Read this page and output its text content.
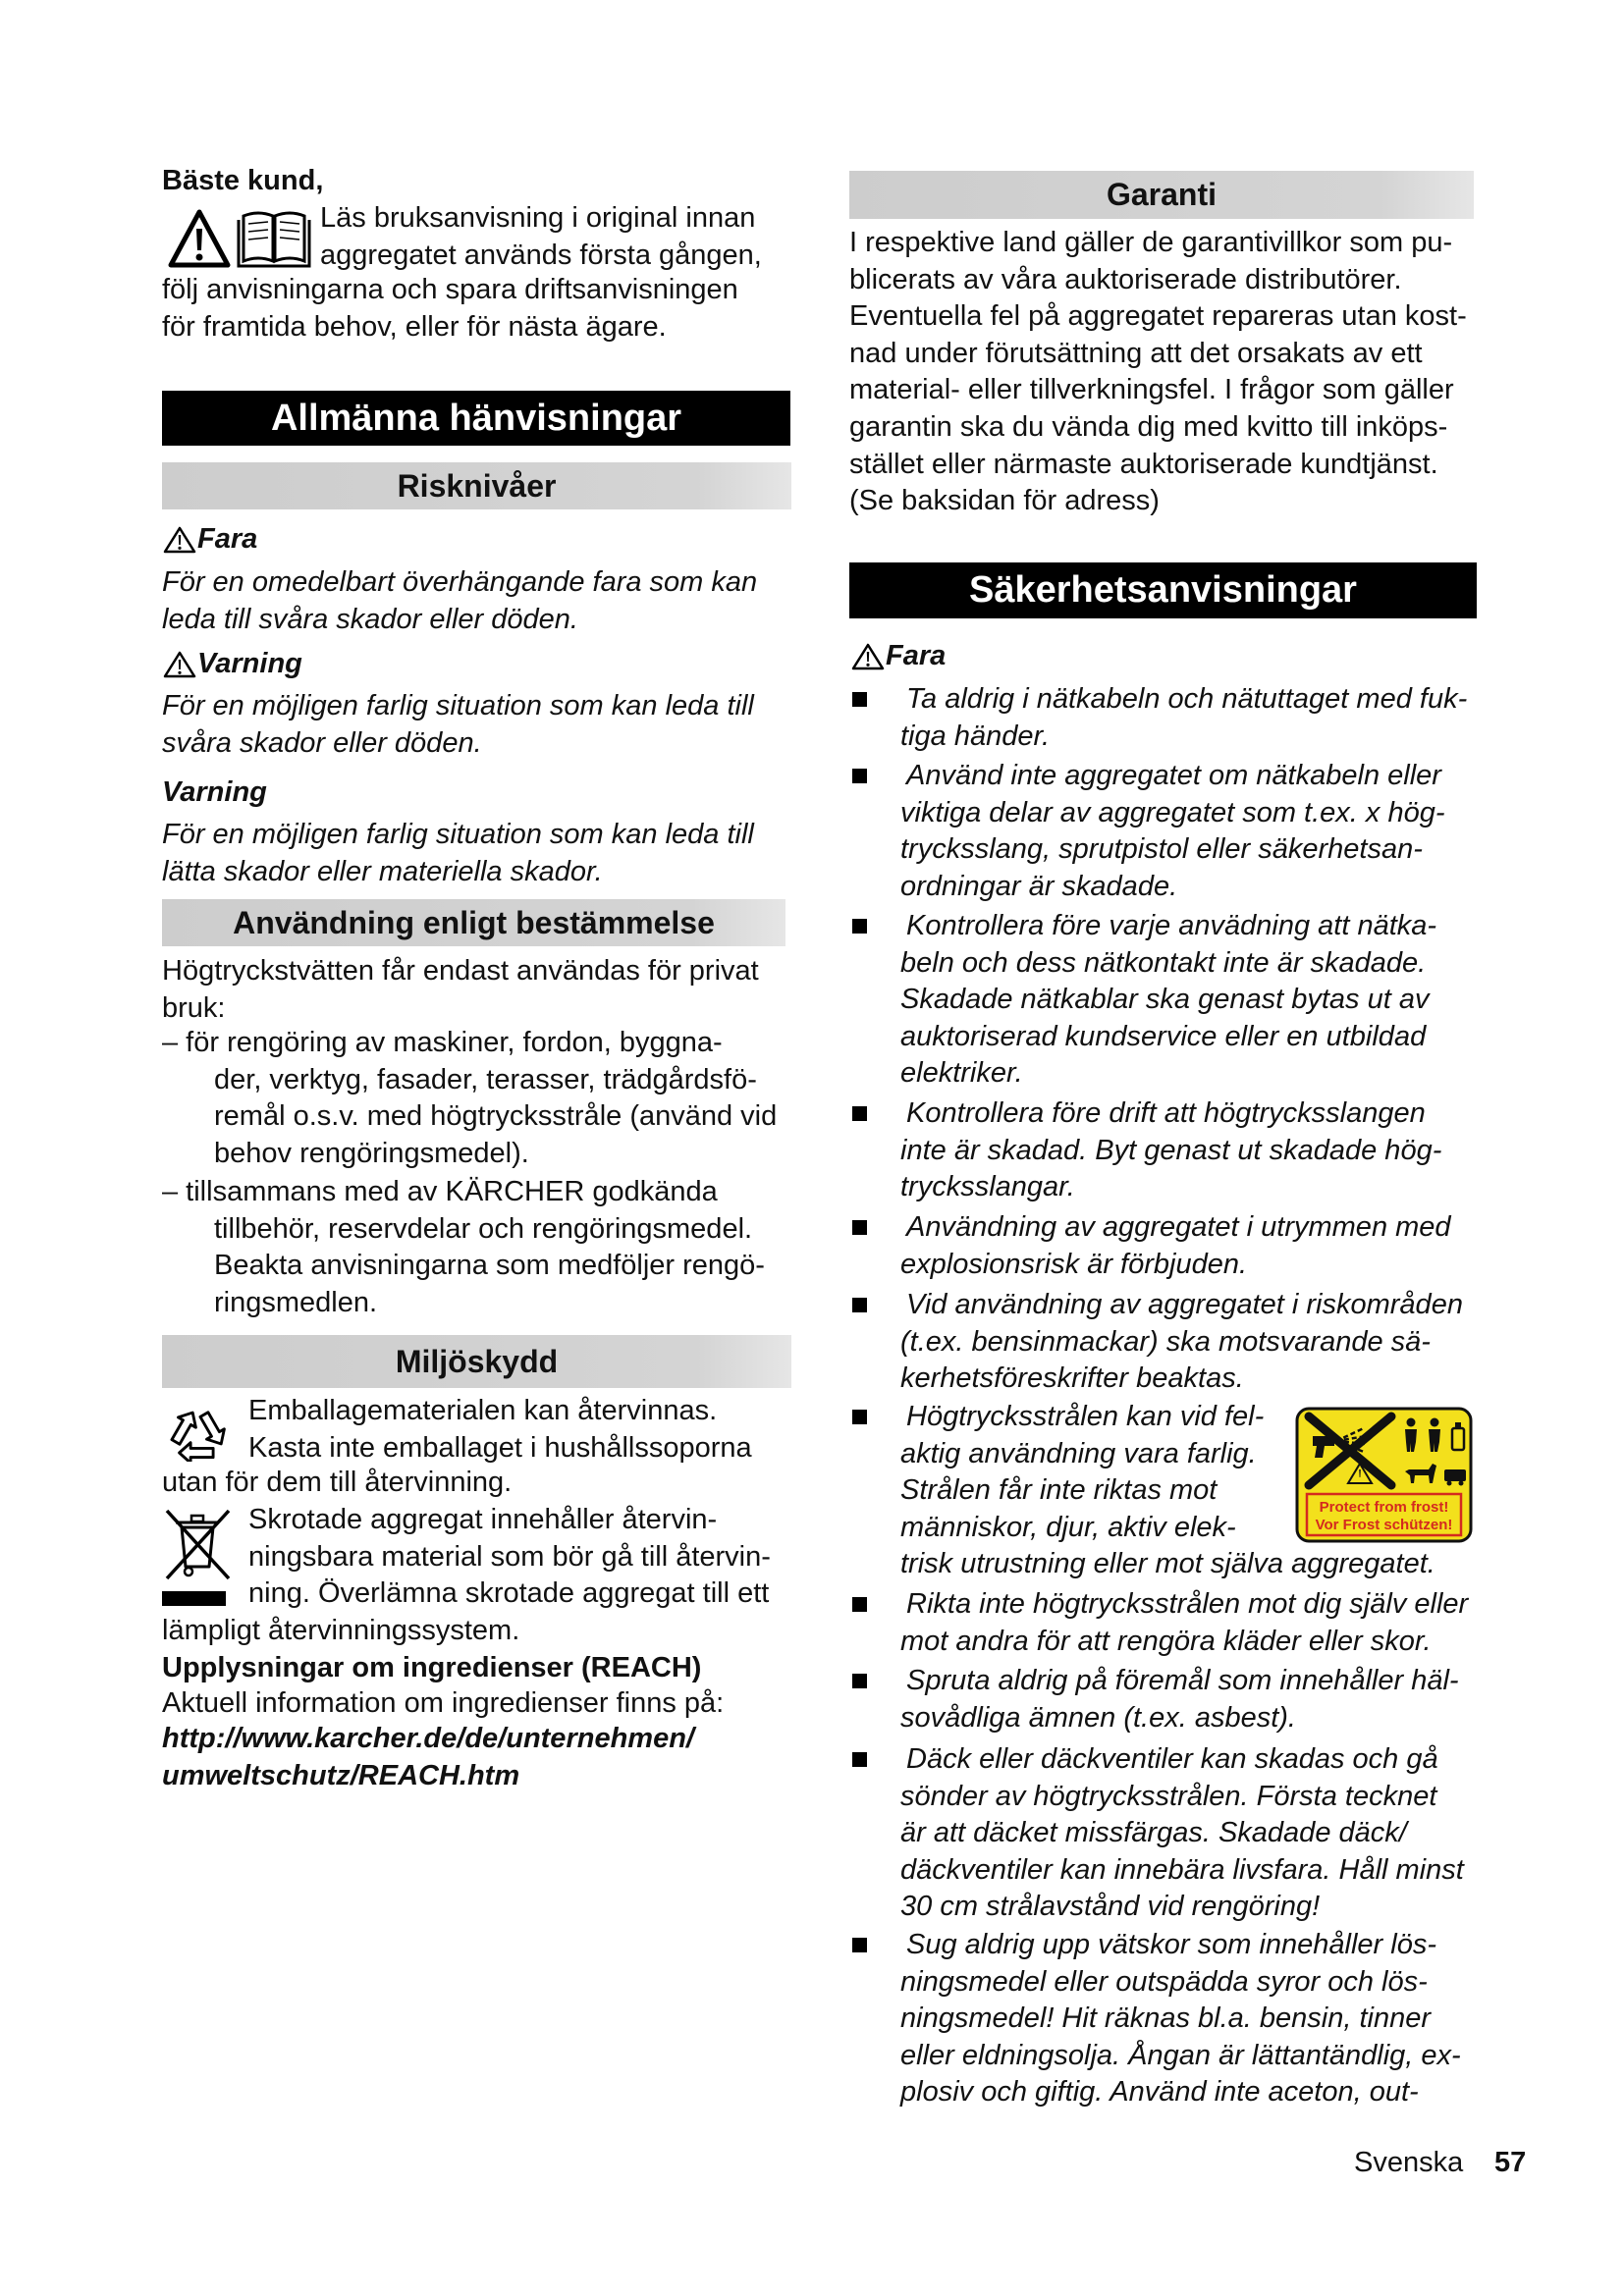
Bäste kund,
Läs bruksanvisning i original innan
aggregatet används första gången,
följ anvisningarna och spara driftsanvisningen
för framtida behov, eller för nästa ägare.
Allmänna hänvisningar
Risknivåer
Fara
För en omedelbart överhängande fara som kan
leda till svåra skador eller döden.
Varning
För en möjligen farlig situation som kan leda till
svåra skador eller döden.
Varning
För en möjligen farlig situation som kan leda till
lätta skador eller materiella skador.
Användning enligt bestämmelse
Högtryckstvätten får endast användas för privat
bruk:
– för rengöring av maskiner, fordon, byggna-
der, verktyg, fasader, terasser, trädgårdsfö-
remål o.s.v. med högtrycksstråle (använd vid
behov rengöringsmedel).
– tillsammans med av KÄRCHER godkända
tillbehör, reservdelar och rengöringsmedel.
Beakta anvisningarna som medföljer rengö-
ringsmedlen.
Miljöskydd
Emballagematerialen kan återvinnas.
Kasta inte emballaget i hushållssoporna
utan för dem till återvinning.
Skrotade aggregat innehåller återvin-
ningsbara material som bör gå till återvin-
ning. Överlämna skrotade aggregat till ett
lämpligt återvinningssystem.
Upplysningar om ingredienser (REACH)
Aktuell information om ingredienser finns på:
http://www.karcher.de/de/unternehmen/
umweltschutz/REACH.htm
Garanti
I respektive land gäller de garantivillkor som pu-
blicerats av våra auktoriserade distributörer.
Eventuella fel på aggregatet repareras utan kost-
nad under förutsättning att det orsakats av ett
material- eller tillverkningsfel. I frågor som gäller
garantin ska du vända dig med kvitto till inköps-
stället eller närmaste auktoriserade kundtjänst.
(Se baksidan för adress)
Säkerhetsanvisningar
Fara
Ta aldrig i nätkabeln och nätuttaget med fuk-
tiga händer.
Använd inte aggregatet om nätkabeln eller
viktiga delar av aggregatet som t.ex. x hög-
trycksslang, sprutpistol eller säkerhetsan-
ordningar är skadade.
Kontrollera före varje anvädning att nätka-
beln och dess nätkontakt inte är skadade.
Skadade nätkablar ska genast bytas ut av
auktoriserad kundservice eller en utbildad
elektriker.
Kontrollera före drift att högtrycksslangen
inte är skadad. Byt genast ut skadade hög-
trycksslangar.
Användning av aggregatet i utrymmen med
explosionsrisk är förbjuden.
Vid användning av aggregatet i riskområden
(t.ex. bensinmackar) ska motsvarande sä-
kerhetsföreskrifter beaktas.
Högtrycksstrålen kan vid fel-
aktig användning vara farlig.
Strålen får inte riktas mot
människor, djur, aktiv elek-
trisk utrustning eller mot själva aggregatet.
Rikta inte högtrycksstrålen mot dig själv eller
mot andra för att rengöra kläder eller skor.
Spruta aldrig på föremål som innehåller häl-
sovådliga ämnen (t.ex. asbest).
Däck eller däckventiler kan skadas och gå
sönder av högtrycksstrålen. Första tecknet
är att däcket missfärgas. Skadade däck/
däckventiler kan innebära livsfara. Håll minst
30 cm strålavstånd vid rengöring!
Sug aldrig upp vätskor som innehåller lös-
ningsmedel eller outspädda syror och lös-
ningsmedel! Hit räknas bl.a. bensin, tinner
eller eldningsolja. Ångan är lättantändlig, ex-
plosiv och giftig. Använd inte aceton, out-
Protect from frost!
Vor Frost schützen!
Svenska 57
